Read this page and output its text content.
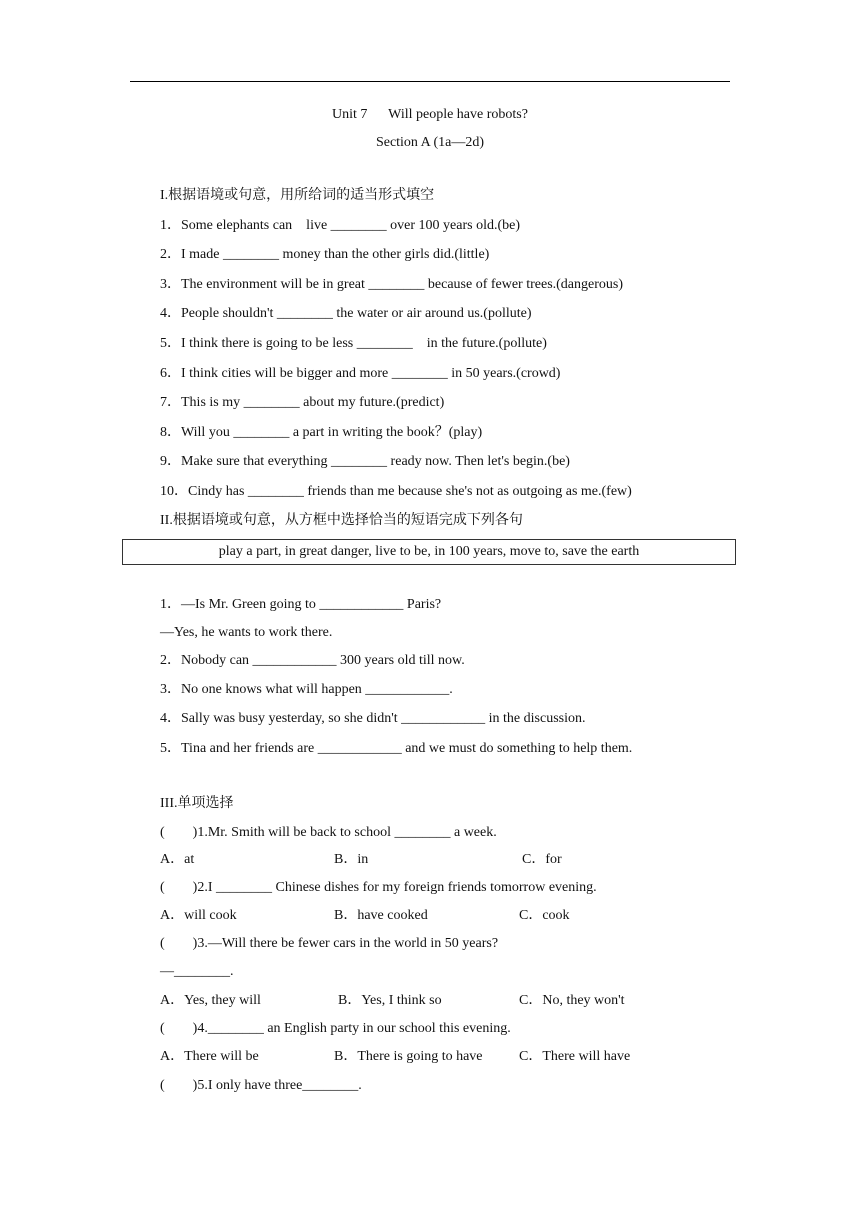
Unit 7      Will people have robots?
Section A (1a—2d)
I.根据语境或句意，用所给词的适当形式填空
1．Some elephants can    live ________ over 100 years old.(be)
2．I made ________ money than the other girls did.(little)
3．The environment will be in great ________ because of fewer trees.(dangerous)
4．People shouldn't ________ the water or air around us.(pollute)
5．I think there is going to be less ________    in the future.(pollute)
6．I think cities will be bigger and more ________ in 50 years.(crowd)
7．This is my ________ about my future.(predict)
8．Will you ________ a part in writing the book？(play)
9．Make sure that everything ________ ready now. Then let's begin.(be)
10．Cindy has ________ friends than me because she's not as outgoing as me.(few)
II.根据语境或句意，从方框中选择恰当的短语完成下列各句
play a part, in great danger, live to be, in 100 years, move to, save the earth
1．—Is Mr. Green going to ____________ Paris?
—Yes, he wants to work there.
2．Nobody can ____________ 300 years old till now.
3．No one knows what will happen ____________.
4．Sally was busy yesterday, so she didn't ____________ in the discussion.
5．Tina and her friends are ____________ and we must do something to help them.
III.单项选择
(        )1.Mr. Smith will be back to school ________ a week.
A．at	B．in	C．for
(        )2.I ________ Chinese dishes for my foreign friends tomorrow evening.
A．will cook	B．have cooked	C．cook
(        )3.—Will there be fewer cars in the world in 50 years?
—________.
A．Yes, they will	B．Yes, I think so	C．No, they won't
(        )4.________ an English party in our school this evening.
A．There will be	B．There is going to have	C．There will have
(        )5.I only have three________.
